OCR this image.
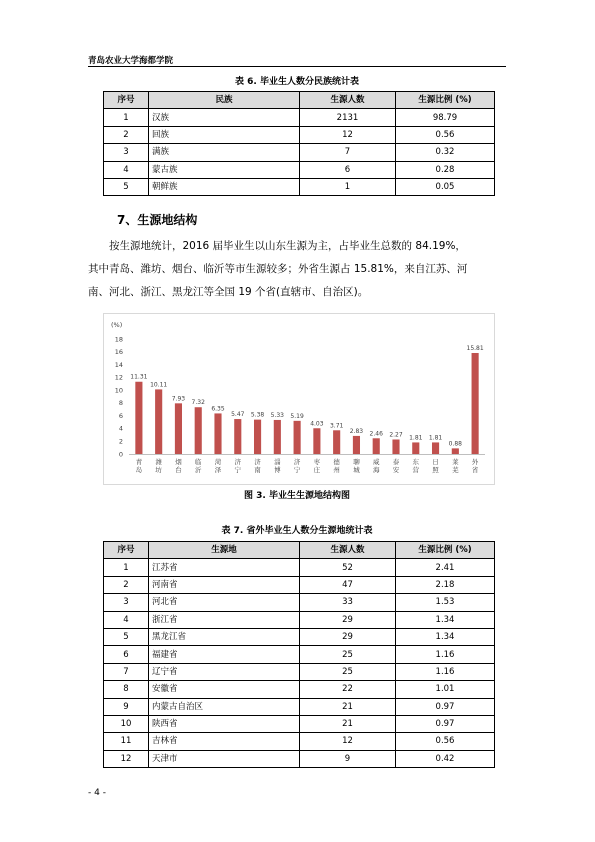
青岛农业大学海都学院
表 6. 毕业生人数分民族统计表
序号	民族	生源人数	生源比例 (%)
1	汉族	2131	98.79
2	回族	12	0.56
3	满族	7	0.32
4	蒙古族	6	0.28
5	朝鲜族	1	0.05
7、生源地结构

按生源地统计，2016 届毕业生以山东生源为主，占毕业生总数的 84.19%，

其中青岛、潍坊、烟台、临沂等市生源较多；外省生源占 15.81%，来自江苏、河

南、河北、浙江、黑龙江等全国 19 个省(直辖市、自治区)。

(%)
0
2
4
6
8
10
12
14
16
18
11.31
青
岛
10.11
潍
坊
7.93
烟
台
7.32
临
沂
6.35
菏
泽
5.47
济
宁
5.38
济
南
5.33
淄
博
5.19
济
宁
4.03
枣
庄
3.71
德
州
2.83
聊
城
2.46
威
海
2.27
泰
安
1.81
东
营
1.81
日
照
0.88
莱
芜
15.81
外
省
图 3. 毕业生生源地结构图
表 7. 省外毕业生人数分生源地统计表
序号	生源地	生源人数	生源比例 (%)
1	江苏省	52	2.41
2	河南省	47	2.18
3	河北省	33	1.53
4	浙江省	29	1.34
5	黑龙江省	29	1.34
6	福建省	25	1.16
7	辽宁省	25	1.16
8	安徽省	22	1.01
9	内蒙古自治区	21	0.97
10	陕西省	21	0.97
11	吉林省	12	0.56
12	天津市	9	0.42
- 4 -
